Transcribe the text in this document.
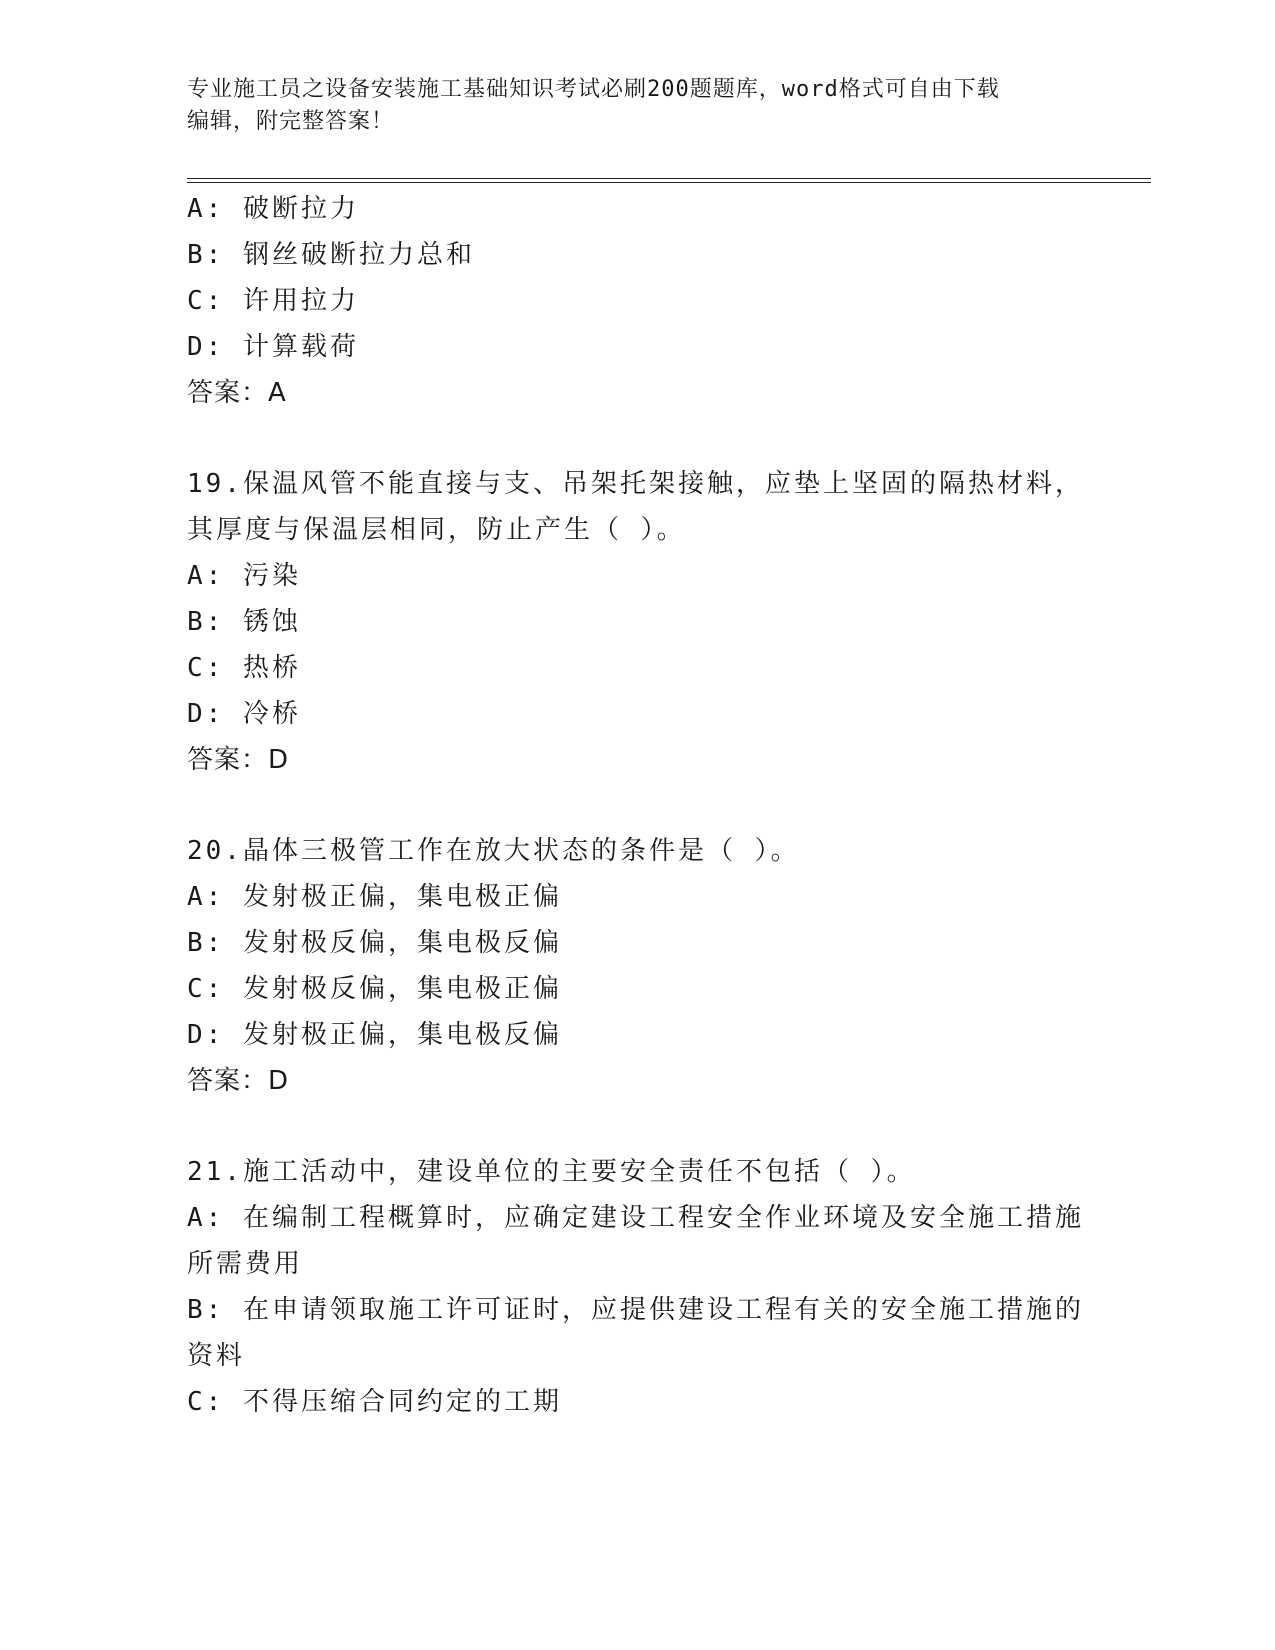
专业施工员之设备安装施工基础知识考试必刷200题题库，word格式可自由下载
编辑，附完整答案！
A: 破断拉力
B: 钢丝破断拉力总和
C: 许用拉力
D: 计算载荷
答案：A
19.保温风管不能直接与支、吊架托架接触，应垫上坚固的隔热材料，
其厚度与保温层相同，防止产生（ ）。
A: 污染
B: 锈蚀
C: 热桥
D: 冷桥
答案：D
20.晶体三极管工作在放大状态的条件是（ ）。
A: 发射极正偏，集电极正偏
B: 发射极反偏，集电极反偏
C: 发射极反偏，集电极正偏
D: 发射极正偏，集电极反偏
答案：D
21.施工活动中，建设单位的主要安全责任不包括（ ）。
A: 在编制工程概算时，应确定建设工程安全作业环境及安全施工措施
所需费用
B: 在申请领取施工许可证时，应提供建设工程有关的安全施工措施的
资料
C: 不得压缩合同约定的工期
